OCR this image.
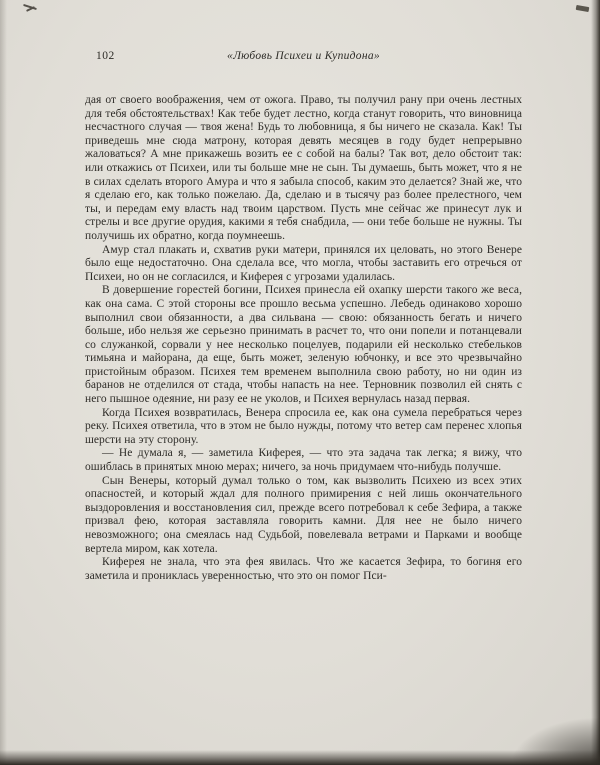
102	«Любовь Психеи и Купидона»

дая от своего воображения, чем от ожога. Право, ты получил рану при очень лестных для тебя обстоятельствах! Как тебе будет лестно, когда станут говорить, что виновница несчастного случая — твоя жена! Будь то любовница, я бы ничего не сказала. Как! Ты приведешь мне сюда матрону, которая девять месяцев в году будет непрерывно жаловаться? А мне прикажешь возить ее с собой на балы? Так вот, дело обстоит так: или откажись от Психеи, или ты больше мне не сын. Ты думаешь, быть может, что я не в силах сделать второго Амура и что я забыла способ, каким это делается? Знай же, что я сделаю его, как только пожелаю. Да, сделаю и в тысячу раз более прелестного, чем ты, и передам ему власть над твоим царством. Пусть мне сейчас же принесут лук и стрелы и все другие орудия, какими я тебя снабдила, — они тебе больше не нужны. Ты получишь их обратно, когда поумнеешь.

Амур стал плакать и, схватив руки матери, принялся их целовать, но этого Венере было еще недостаточно. Она сделала все, что могла, чтобы заставить его отречься от Психеи, но он не согласился, и Киферея с угрозами удалилась.

В довершение горестей богини, Психея принесла ей охапку шерсти такого же веса, как она сама. С этой стороны все прошло весьма успешно. Лебедь одинаково хорошо выполнил свои обязанности, а два сильвана — свою: обязанность бегать и ничего больше, ибо нельзя же серьезно принимать в расчет то, что они попели и потанцевали со служанкой, сорвали у нее несколько поцелуев, подарили ей несколько стебельков тимьяна и майорана, да еще, быть может, зеленую юбчонку, и все это чрезвычайно пристойным образом. Психея тем временем выполнила свою работу, но ни один из баранов не отделился от стада, чтобы напасть на нее. Терновник позволил ей снять с него пышное одеяние, ни разу ее не уколов, и Психея вернулась назад первая.

Когда Психея возвратилась, Венера спросила ее, как она сумела перебраться через реку. Психея ответила, что в этом не было нужды, потому что ветер сам перенес хлопья шерсти на эту сторону.

— Не думала я, — заметила Киферея, — что эта задача так легка; я вижу, что ошиблась в принятых мною мерах; ничего, за ночь придумаем что-нибудь получше.

Сын Венеры, который думал только о том, как вызволить Психею из всех этих опасностей, и который ждал для полного примирения с ней лишь окончательного выздоровления и восстановления сил, прежде всего потребовал к себе Зефира, а также призвал фею, которая заставляла говорить камни. Для нее не было ничего невозможного; она смеялась над Судьбой, повелевала ветрами и Парками и вообще вертела миром, как хотела.

Киферея не знала, что эта фея явилась. Что же касается Зефира, то богиня его заметила и прониклась уверенностью, что это он помог Пси-
